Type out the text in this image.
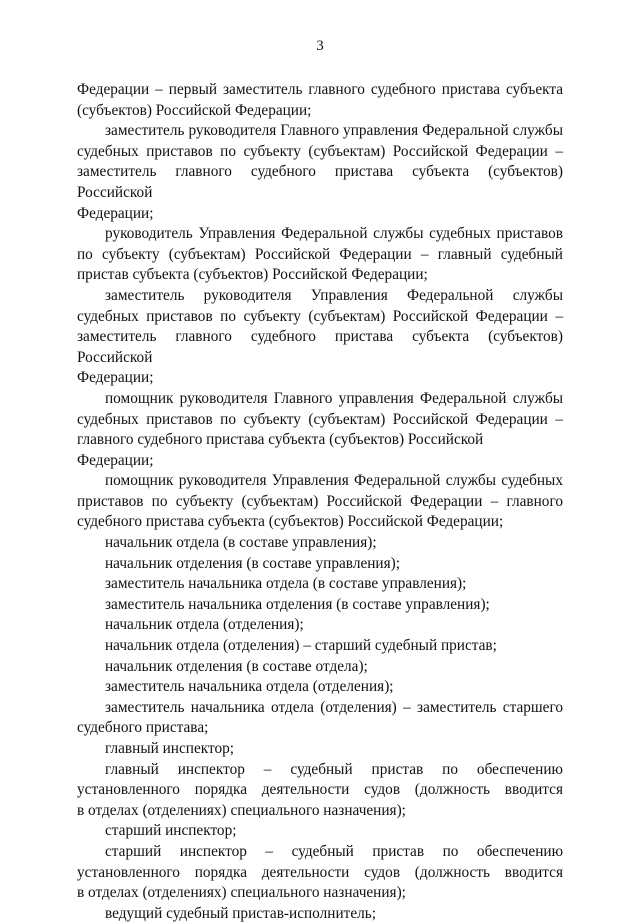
3
Федерации – первый заместитель главного судебного пристава субъекта
(субъектов) Российской Федерации;
заместитель руководителя Главного управления Федеральной службы
судебных приставов по субъекту (субъектам) Российской Федерации –
заместитель главного судебного пристава субъекта (субъектов) Российской
Федерации;
руководитель Управления Федеральной службы судебных приставов
по субъекту (субъектам) Российской Федерации – главный судебный
пристав субъекта (субъектов) Российской Федерации;
заместитель руководителя Управления Федеральной службы
судебных приставов по субъекту (субъектам) Российской Федерации –
заместитель главного судебного пристава субъекта (субъектов) Российской
Федерации;
помощник руководителя Главного управления Федеральной службы
судебных приставов по субъекту (субъектам) Российской Федерации –
главного судебного пристава субъекта (субъектов) Российской Федерации;
помощник руководителя Управления Федеральной службы судебных
приставов по субъекту (субъектам) Российской Федерации – главного
судебного пристава субъекта (субъектов) Российской Федерации;
начальник отдела (в составе управления);
начальник отделения (в составе управления);
заместитель начальника отдела (в составе управления);
заместитель начальника отделения (в составе управления);
начальник отдела (отделения);
начальник отдела (отделения) – старший судебный пристав;
начальник отделения (в составе отдела);
заместитель начальника отдела (отделения);
заместитель начальника отдела (отделения) – заместитель старшего
судебного пристава;
главный инспектор;
главный инспектор – судебный пристав по обеспечению
установленного порядка деятельности судов (должность вводится
в отделах (отделениях) специального назначения);
старший инспектор;
старший инспектор – судебный пристав по обеспечению
установленного порядка деятельности судов (должность вводится
в отделах (отделениях) специального назначения);
ведущий судебный пристав-исполнитель;
